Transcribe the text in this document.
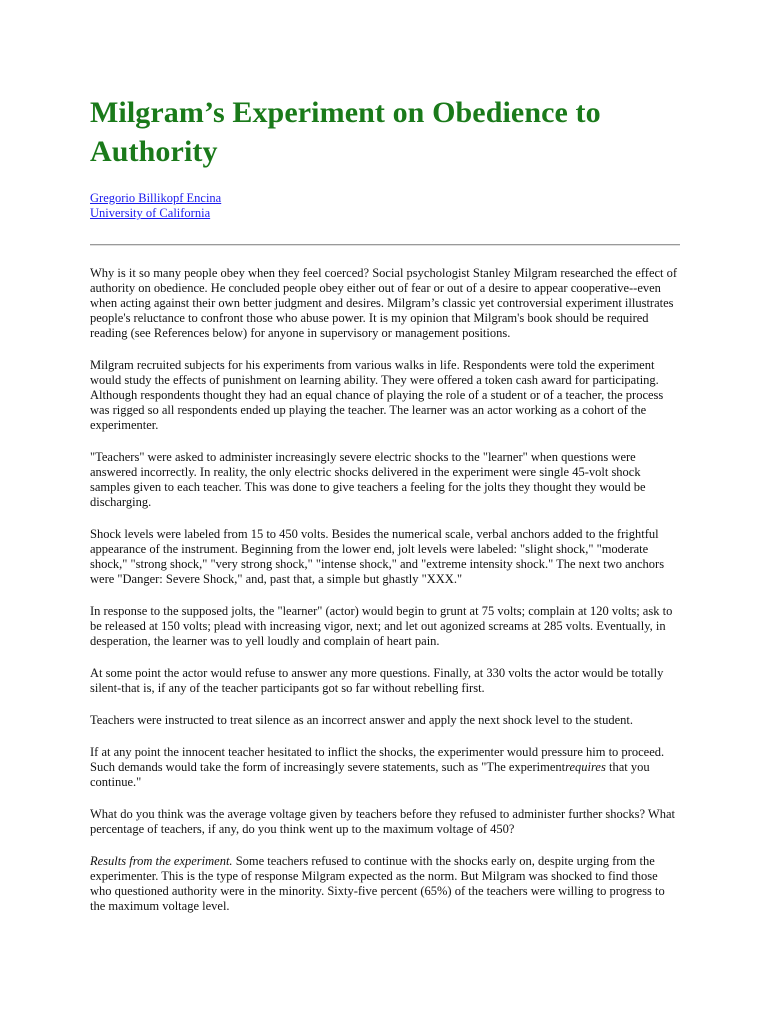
Milgram’s Experiment on Obedience to Authority
Gregorio Billikopf Encina
University of California

Why is it so many people obey when they feel coerced? Social psychologist Stanley Milgram researched the effect of authority on obedience. He concluded people obey either out of fear or out of a desire to appear cooperative--even when acting against their own better judgment and desires. Milgram’s classic yet controversial experiment illustrates people's reluctance to confront those who abuse power. It is my opinion that Milgram's book should be required reading (see References below) for anyone in supervisory or management positions.

Milgram recruited subjects for his experiments from various walks in life. Respondents were told the experiment would study the effects of punishment on learning ability. They were offered a token cash award for participating. Although respondents thought they had an equal chance of playing the role of a student or of a teacher, the process was rigged so all respondents ended up playing the teacher. The learner was an actor working as a cohort of the experimenter.

"Teachers" were asked to administer increasingly severe electric shocks to the "learner" when questions were answered incorrectly. In reality, the only electric shocks delivered in the experiment were single 45-volt shock samples given to each teacher. This was done to give teachers a feeling for the jolts they thought they would be discharging.

Shock levels were labeled from 15 to 450 volts. Besides the numerical scale, verbal anchors added to the frightful appearance of the instrument. Beginning from the lower end, jolt levels were labeled: "slight shock," "moderate shock," "strong shock," "very strong shock," "intense shock," and "extreme intensity shock." The next two anchors were "Danger: Severe Shock," and, past that, a simple but ghastly "XXX."

In response to the supposed jolts, the "learner" (actor) would begin to grunt at 75 volts; complain at 120 volts; ask to be released at 150 volts; plead with increasing vigor, next; and let out agonized screams at 285 volts. Eventually, in desperation, the learner was to yell loudly and complain of heart pain.

At some point the actor would refuse to answer any more questions. Finally, at 330 volts the actor would be totally silent-that is, if any of the teacher participants got so far without rebelling first.

Teachers were instructed to treat silence as an incorrect answer and apply the next shock level to the student.

If at any point the innocent teacher hesitated to inflict the shocks, the experimenter would pressure him to proceed. Such demands would take the form of increasingly severe statements, such as "The experimentrequires that you continue."

What do you think was the average voltage given by teachers before they refused to administer further shocks? What percentage of teachers, if any, do you think went up to the maximum voltage of 450?

Results from the experiment. Some teachers refused to continue with the shocks early on, despite urging from the experimenter. This is the type of response Milgram expected as the norm. But Milgram was shocked to find those who questioned authority were in the minority. Sixty-five percent (65%) of the teachers were willing to progress to the maximum voltage level.
